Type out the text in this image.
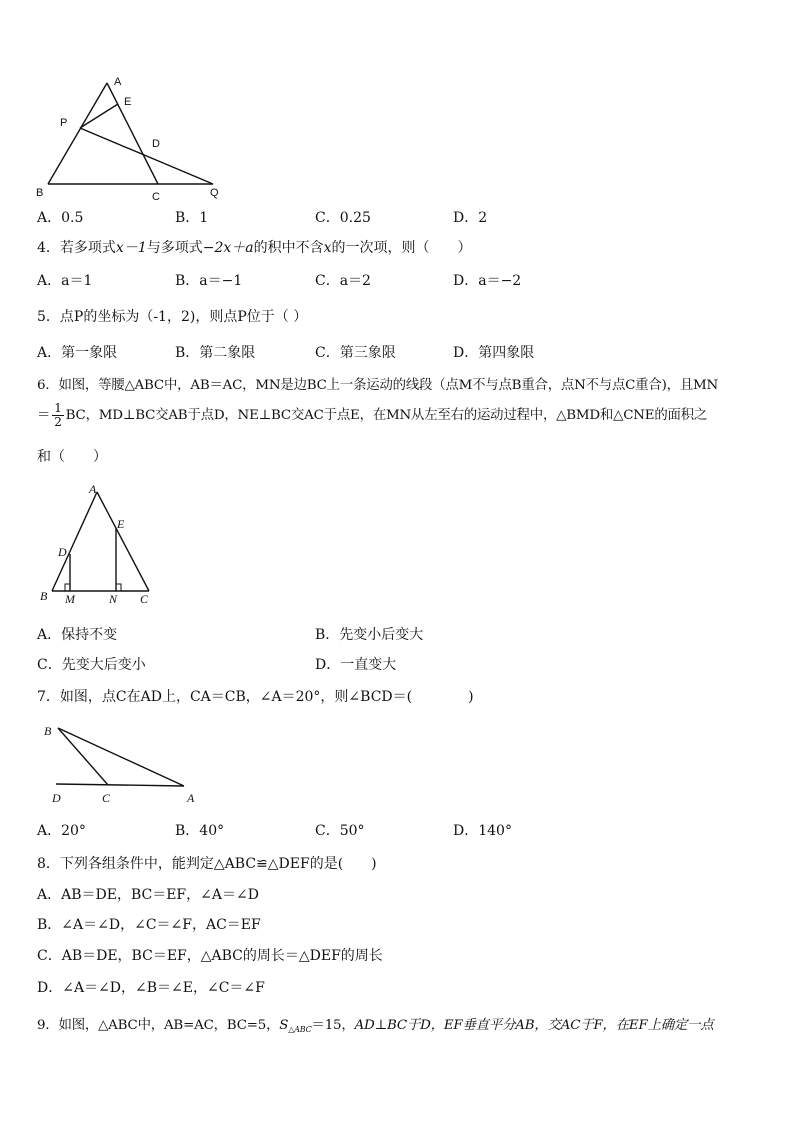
A
E
P
D
B	C	Q
A．0.5	B．1	C．0.25	D．2
4．若多项式x－1与多项式−2x＋a的积中不含x的一次项，则（　　）
A．a＝1	B．a＝−1	C．a＝2	D．a＝−2
5．点P的坐标为（-1，2)，则点P位于（ ）
A．第一象限	B．第二象限	C．第三象限	D．第四象限
6．如图，等腰△ABC中，AB＝AC，MN是边BC上一条运动的线段（点M不与点B重合，点N不与点C重合)，且MN
＝ $\frac{1}{2}$ BC，MD⊥BC交AB于点D，NE⊥BC交AC于点E，在MN从左至右的运动过程中，△BMD和△CNE的面积之
和（　　）
A
E
D
B M	N C
A．保持不变	B．先变小后变大
C．先变大后变小	D．一直变大
7．如图，点C在AD上，CA＝CB，∠A＝20°，则∠BCD＝(　　　　)
B
D	C	A
A．20°	B．40°	C．50°	D．140°
8．下列各组条件中，能判定△ABC≌△DEF的是(　　)
A．AB＝DE，BC＝EF，∠A＝∠D
B．∠A＝∠D，∠C＝∠F，AC＝EF
C．AB＝DE，BC＝EF，△ABC的周长＝△DEF的周长
D．∠A＝∠D，∠B＝∠E，∠C＝∠F
9．如图，△ABC中，AB=AC，BC=5，$S_{\triangle ABC}=15$，AD⊥BC于D，EF垂直平分AB，交AC于F，在EF上确定一点
